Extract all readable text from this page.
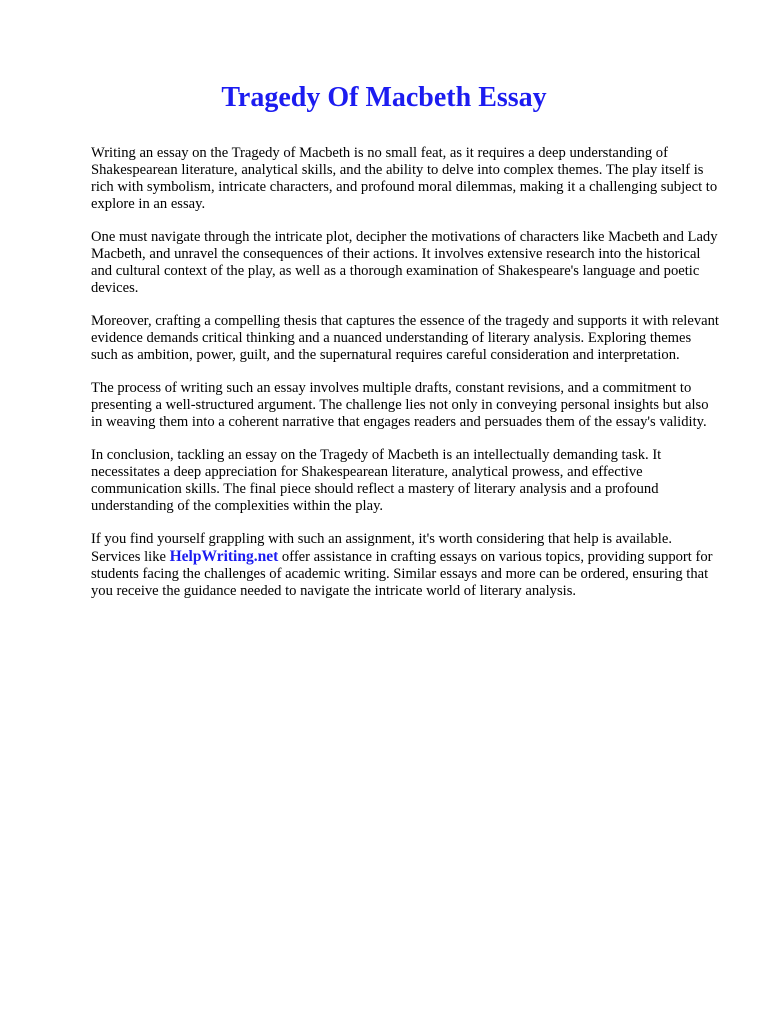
Tragedy Of Macbeth Essay

Writing an essay on the Tragedy of Macbeth is no small feat, as it requires a deep understanding of Shakespearean literature, analytical skills, and the ability to delve into complex themes. The play itself is rich with symbolism, intricate characters, and profound moral dilemmas, making it a challenging subject to explore in an essay.

One must navigate through the intricate plot, decipher the motivations of characters like Macbeth and Lady Macbeth, and unravel the consequences of their actions. It involves extensive research into the historical and cultural context of the play, as well as a thorough examination of Shakespeare's language and poetic devices.

Moreover, crafting a compelling thesis that captures the essence of the tragedy and supports it with relevant evidence demands critical thinking and a nuanced understanding of literary analysis. Exploring themes such as ambition, power, guilt, and the supernatural requires careful consideration and interpretation.

The process of writing such an essay involves multiple drafts, constant revisions, and a commitment to presenting a well-structured argument. The challenge lies not only in conveying personal insights but also in weaving them into a coherent narrative that engages readers and persuades them of the essay's validity.

In conclusion, tackling an essay on the Tragedy of Macbeth is an intellectually demanding task. It necessitates a deep appreciation for Shakespearean literature, analytical prowess, and effective communication skills. The final piece should reflect a mastery of literary analysis and a profound understanding of the complexities within the play.

If you find yourself grappling with such an assignment, it's worth considering that help is available. Services like HelpWriting.net offer assistance in crafting essays on various topics, providing support for students facing the challenges of academic writing. Similar essays and more can be ordered, ensuring that you receive the guidance needed to navigate the intricate world of literary analysis.
